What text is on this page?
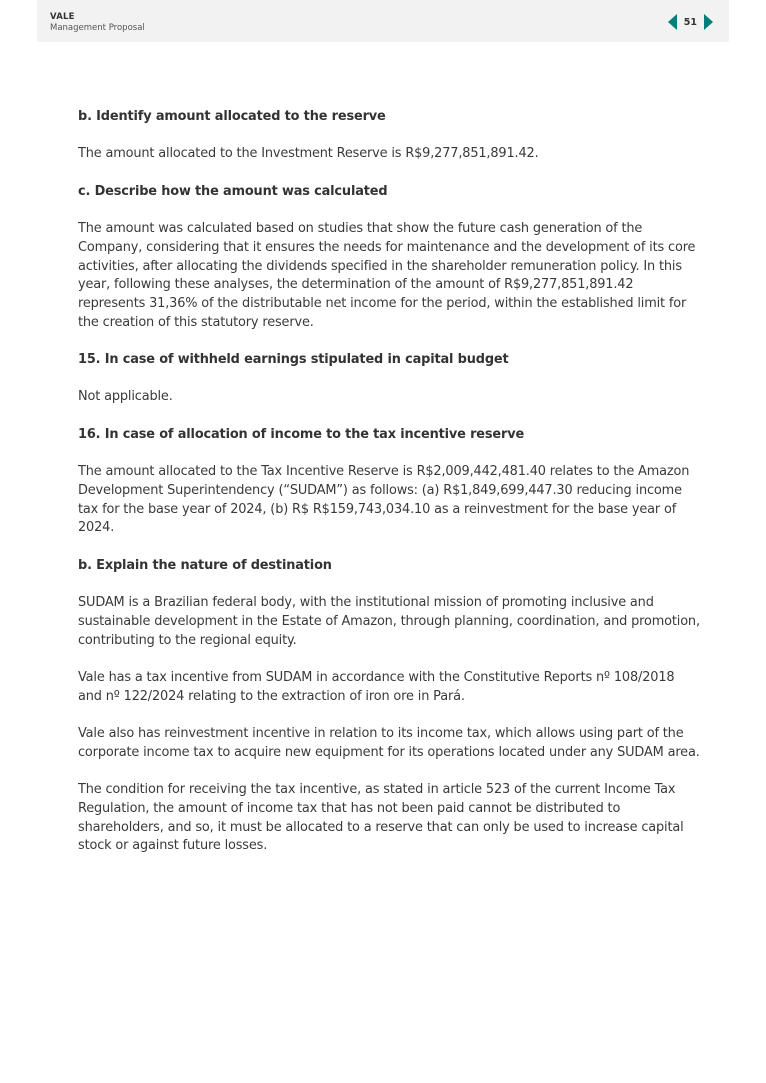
VALE
Management Proposal
51
b. Identify amount allocated to the reserve

The amount allocated to the Investment Reserve is R$9,277,851,891.42.

c. Describe how the amount was calculated

The amount was calculated based on studies that show the future cash generation of the Company, considering that it ensures the needs for maintenance and the development of its core activities, after allocating the dividends specified in the shareholder remuneration policy. In this year, following these analyses, the determination of the amount of R$9,277,851,891.42 represents 31,36% of the distributable net income for the period, within the established limit for the creation of this statutory reserve.

15. In case of withheld earnings stipulated in capital budget

Not applicable.

16. In case of allocation of income to the tax incentive reserve

The amount allocated to the Tax Incentive Reserve is R$2,009,442,481.40 relates to the Amazon Development Superintendency (“SUDAM”) as follows: (a) R$1,849,699,447.30 reducing income tax for the base year of 2024, (b) R$ R$159,743,034.10 as a reinvestment for the base year of 2024.

b. Explain the nature of destination

SUDAM is a Brazilian federal body, with the institutional mission of promoting inclusive and sustainable development in the Estate of Amazon, through planning, coordination, and promotion, contributing to the regional equity.

Vale has a tax incentive from SUDAM in accordance with the Constitutive Reports nº 108/2018 and nº 122/2024 relating to the extraction of iron ore in Pará.

Vale also has reinvestment incentive in relation to its income tax, which allows using part of the corporate income tax to acquire new equipment for its operations located under any SUDAM area.

The condition for receiving the tax incentive, as stated in article 523 of the current Income Tax Regulation, the amount of income tax that has not been paid cannot be distributed to shareholders, and so, it must be allocated to a reserve that can only be used to increase capital stock or against future losses.
